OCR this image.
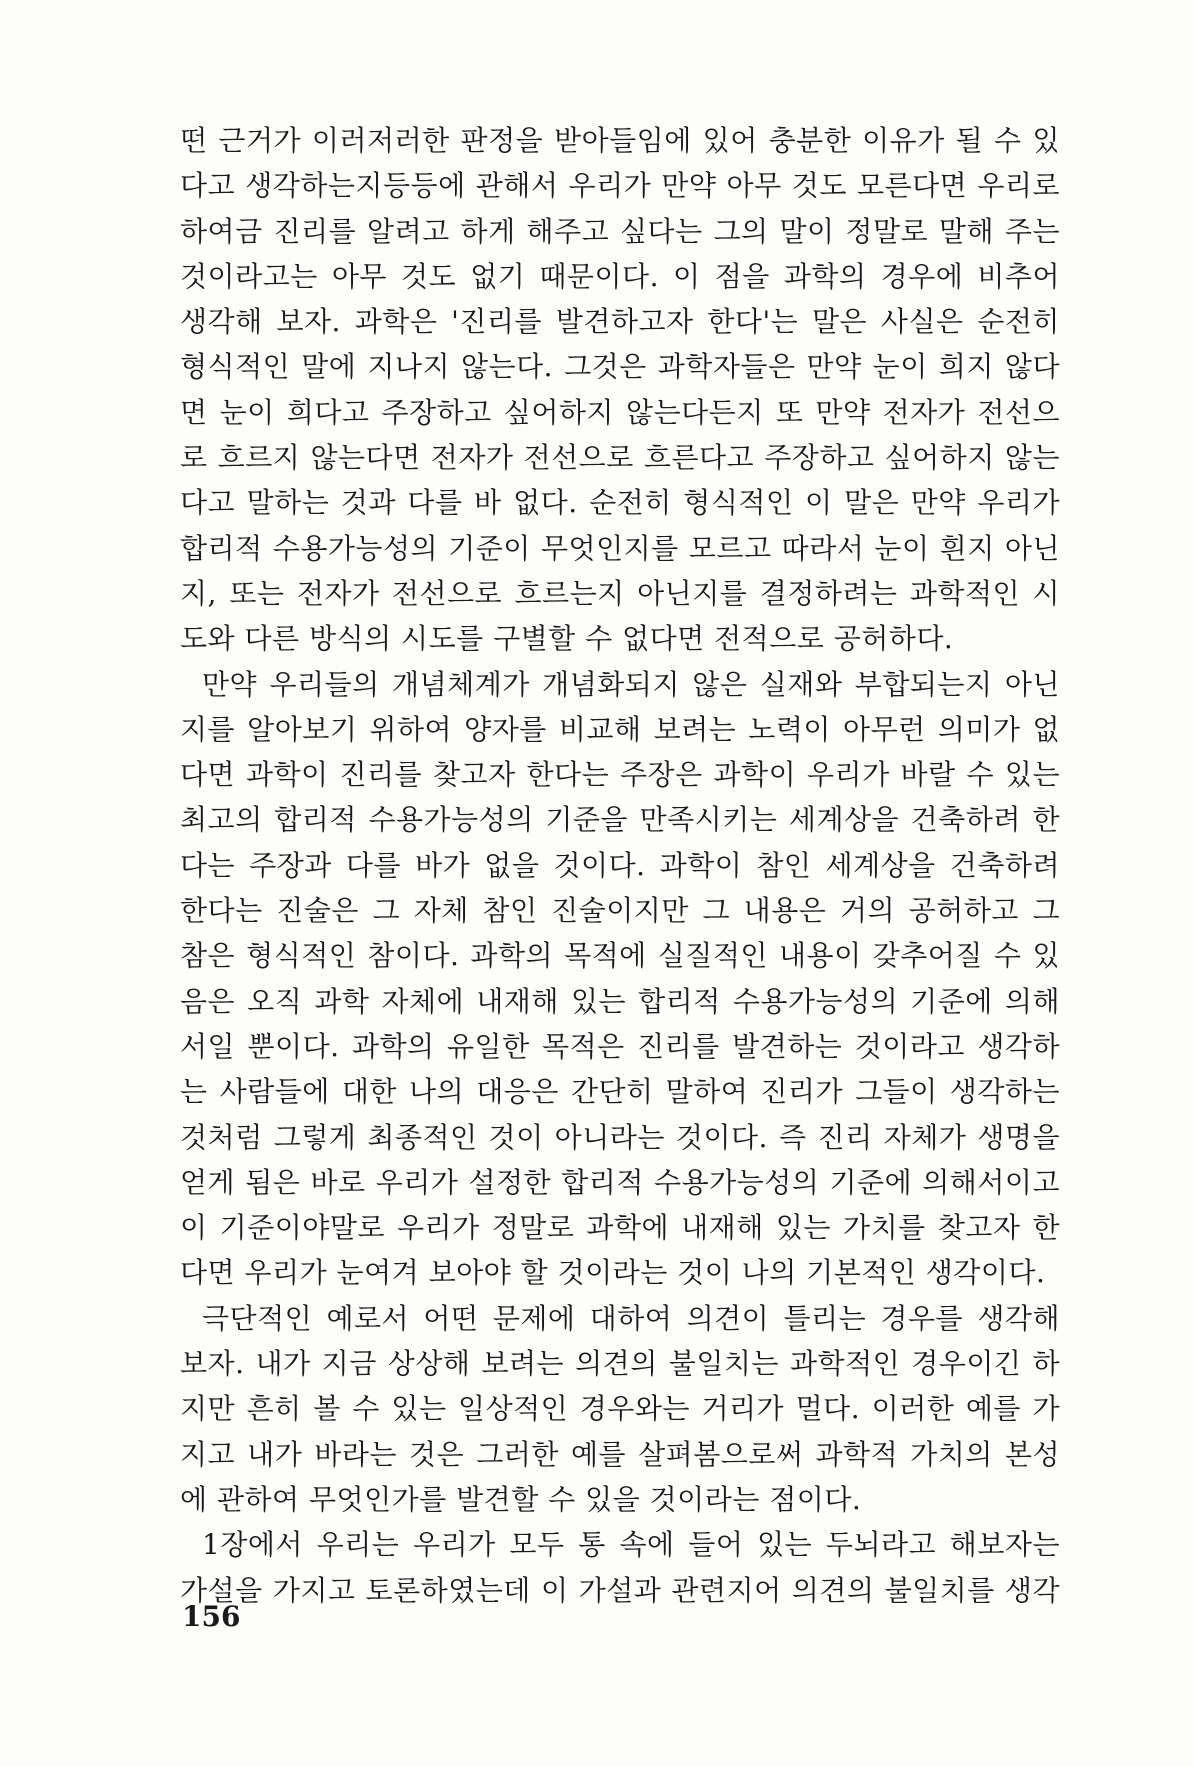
떤 근거가 이러저러한 판정을 받아들임에 있어 충분한 이유가 될 수 있
다고 생각하는지등등에 관해서 우리가 만약 아무 것도 모른다면 우리로
하여금 진리를 알려고 하게 해주고 싶다는 그의 말이 정말로 말해 주는
것이라고는 아무 것도 없기 때문이다. 이 점을 과학의 경우에 비추어
생각해 보자. 과학은 '진리를 발견하고자 한다'는 말은 사실은 순전히
형식적인 말에 지나지 않는다. 그것은 과학자들은 만약 눈이 희지 않다
면 눈이 희다고 주장하고 싶어하지 않는다든지 또 만약 전자가 전선으
로 흐르지 않는다면 전자가 전선으로 흐른다고 주장하고 싶어하지 않는
다고 말하는 것과 다를 바 없다. 순전히 형식적인 이 말은 만약 우리가
합리적 수용가능성의 기준이 무엇인지를 모르고 따라서 눈이 흰지 아닌
지, 또는 전자가 전선으로 흐르는지 아닌지를 결정하려는 과학적인 시
도와 다른 방식의 시도를 구별할 수 없다면 전적으로 공허하다.
만약 우리들의 개념체계가 개념화되지 않은 실재와 부합되는지 아닌
지를 알아보기 위하여 양자를 비교해 보려는 노력이 아무런 의미가 없
다면 과학이 진리를 찾고자 한다는 주장은 과학이 우리가 바랄 수 있는
최고의 합리적 수용가능성의 기준을 만족시키는 세계상을 건축하려 한
다는 주장과 다를 바가 없을 것이다. 과학이 참인 세계상을 건축하려
한다는 진술은 그 자체 참인 진술이지만 그 내용은 거의 공허하고 그
참은 형식적인 참이다. 과학의 목적에 실질적인 내용이 갖추어질 수 있
음은 오직 과학 자체에 내재해 있는 합리적 수용가능성의 기준에 의해
서일 뿐이다. 과학의 유일한 목적은 진리를 발견하는 것이라고 생각하
는 사람들에 대한 나의 대응은 간단히 말하여 진리가 그들이 생각하는
것처럼 그렇게 최종적인 것이 아니라는 것이다. 즉 진리 자체가 생명을
얻게 됨은 바로 우리가 설정한 합리적 수용가능성의 기준에 의해서이고
이 기준이야말로 우리가 정말로 과학에 내재해 있는 가치를 찾고자 한
다면 우리가 눈여겨 보아야 할 것이라는 것이 나의 기본적인 생각이다.
극단적인 예로서 어떤 문제에 대하여 의견이 틀리는 경우를 생각해
보자. 내가 지금 상상해 보려는 의견의 불일치는 과학적인 경우이긴 하
지만 흔히 볼 수 있는 일상적인 경우와는 거리가 멀다. 이러한 예를 가
지고 내가 바라는 것은 그러한 예를 살펴봄으로써 과학적 가치의 본성
에 관하여 무엇인가를 발견할 수 있을 것이라는 점이다.
1장에서 우리는 우리가 모두 통 속에 들어 있는 두뇌라고 해보자는
가설을 가지고 토론하였는데 이 가설과 관련지어 의견의 불일치를 생각
156
